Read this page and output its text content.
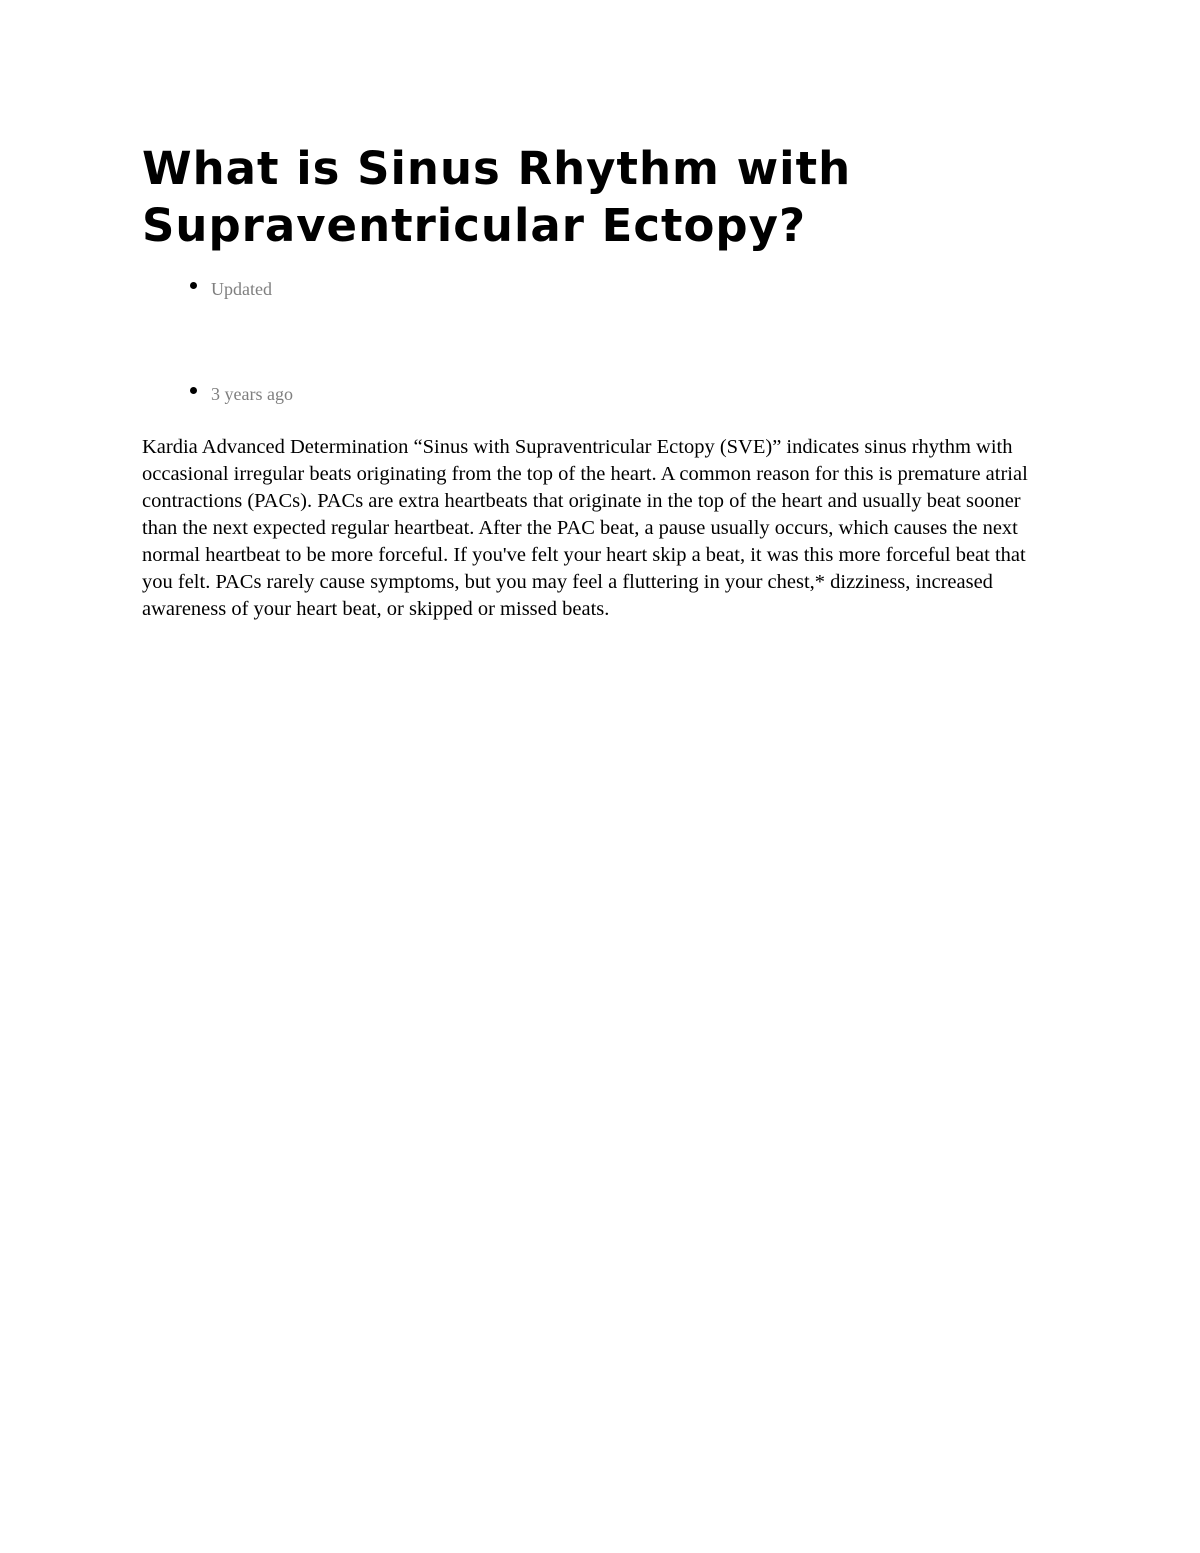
What is Sinus Rhythm with Supraventricular Ectopy?
Updated
3 years ago

Kardia Advanced Determination “Sinus with Supraventricular Ectopy (SVE)” indicates sinus rhythm with occasional irregular beats originating from the top of the heart. A common reason for this is premature atrial contractions (PACs). PACs are extra heartbeats that originate in the top of the heart and usually beat sooner than the next expected regular heartbeat. After the PAC beat, a pause usually occurs, which causes the next normal heartbeat to be more forceful. If you've felt your heart skip a beat, it was this more forceful beat that you felt. PACs rarely cause symptoms, but you may feel a fluttering in your chest,* dizziness, increased awareness of your heart beat, or skipped or missed beats.
